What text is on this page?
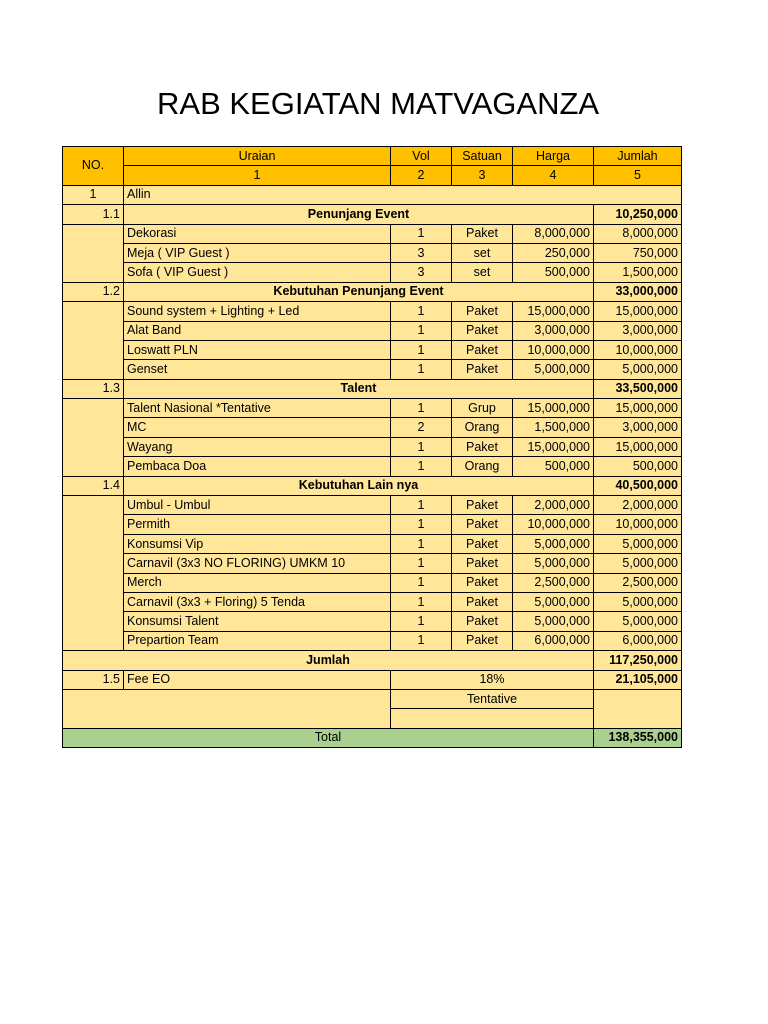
RAB KEGIATAN MATVAGANZA
NO.	Uraian	Vol	Satuan	Harga	Jumlah
	1	2	3	4	5
1	Allin				
1.1	Penunjang Event				10,250,000
	Dekorasi	1	Paket	8,000,000	8,000,000
	Meja ( VIP Guest )	3	set	250,000	750,000
	Sofa ( VIP Guest )	3	set	500,000	1,500,000
1.2	Kebutuhan Penunjang Event				33,000,000
	Sound system + Lighting + Led	1	Paket	15,000,000	15,000,000
	Alat Band	1	Paket	3,000,000	3,000,000
	Loswatt PLN	1	Paket	10,000,000	10,000,000
	Genset	1	Paket	5,000,000	5,000,000
1.3	Talent				33,500,000
	Talent Nasional *Tentative	1	Grup	15,000,000	15,000,000
	MC	2	Orang	1,500,000	3,000,000
	Wayang	1	Paket	15,000,000	15,000,000
	Pembaca Doa	1	Orang	500,000	500,000
1.4	Kebutuhan Lain nya				40,500,000
	Umbul - Umbul	1	Paket	2,000,000	2,000,000
	Permith	1	Paket	10,000,000	10,000,000
	Konsumsi Vip	1	Paket	5,000,000	5,000,000
	Carnavil (3x3 NO FLORING) UMKM 10	1	Paket	5,000,000	5,000,000
	Merch	1	Paket	2,500,000	2,500,000
	Carnavil (3x3 + Floring) 5 Tenda	1	Paket	5,000,000	5,000,000
	Konsumsi Talent	1	Paket	5,000,000	5,000,000
	Prepartion Team	1	Paket	6,000,000	6,000,000
Jumlah					117,250,000
1.5	Fee EO	18%			21,105,000
		Tentative			

Total					138,355,000
